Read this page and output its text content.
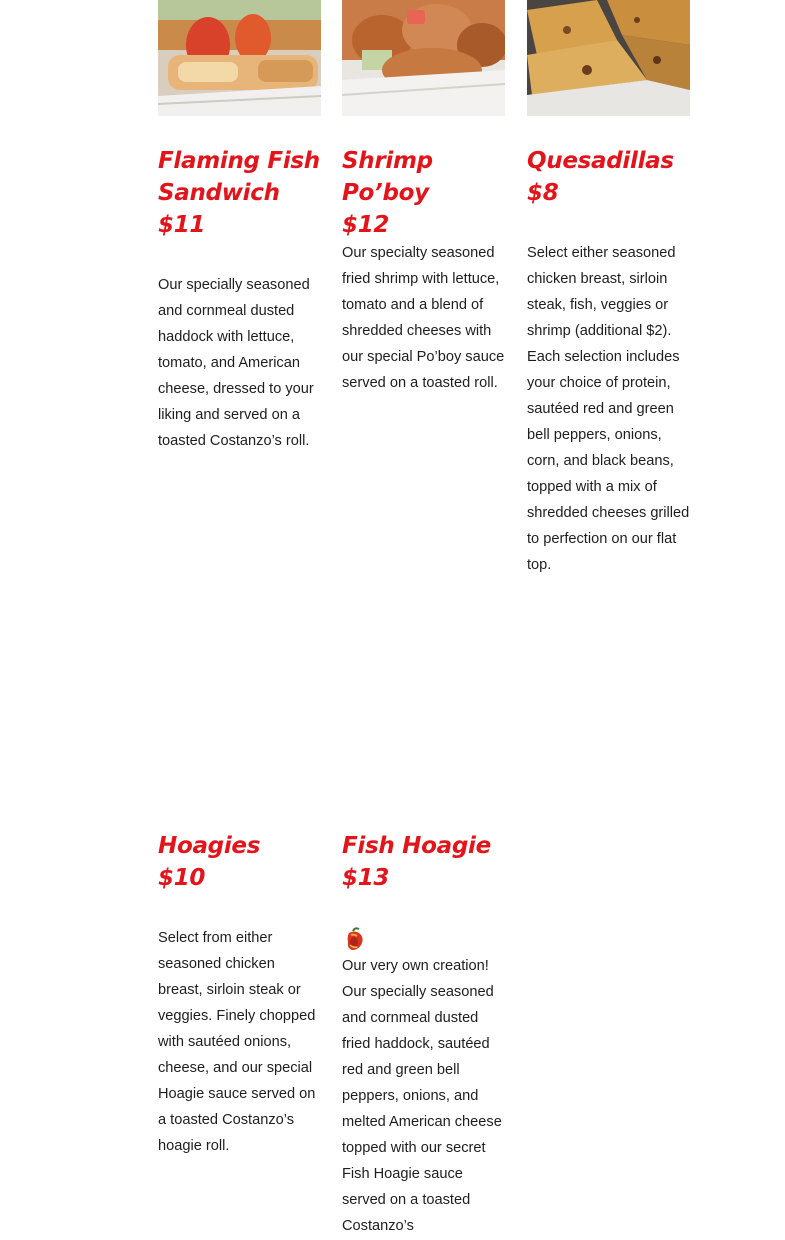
Flaming Fish Sandwich

$11

Our specially seasoned and cornmeal dusted haddock with lettuce, tomato, and American cheese, dressed to your liking and served on a toasted Costanzo’s roll.

Shrimp Po’boy

$12

Our specialty seasoned fried shrimp with lettuce, tomato and a blend of shredded cheeses with our special Po’boy sauce served on a toasted roll.

Quesadillas

$8

Select either seasoned chicken breast, sirloin steak, fish, veggies or shrimp (additional $2). Each selection includes your choice of protein, sautéed red and green bell peppers, onions, corn, and black beans, topped with a mix of shredded cheeses grilled to perfection on our flat top.

Hoagies

$10

Select from either seasoned chicken breast, sirloin steak or veggies. Finely chopped with sautéed onions, cheese, and our special Hoagie sauce served on a toasted Costanzo’s hoagie roll.

Fish Hoagie

$13

Our very own creation! Our specially seasoned and cornmeal dusted fried haddock, sautéed red and green bell peppers, onions, and melted American cheese topped with our secret Fish Hoagie sauce served on a toasted Costanzo’s
